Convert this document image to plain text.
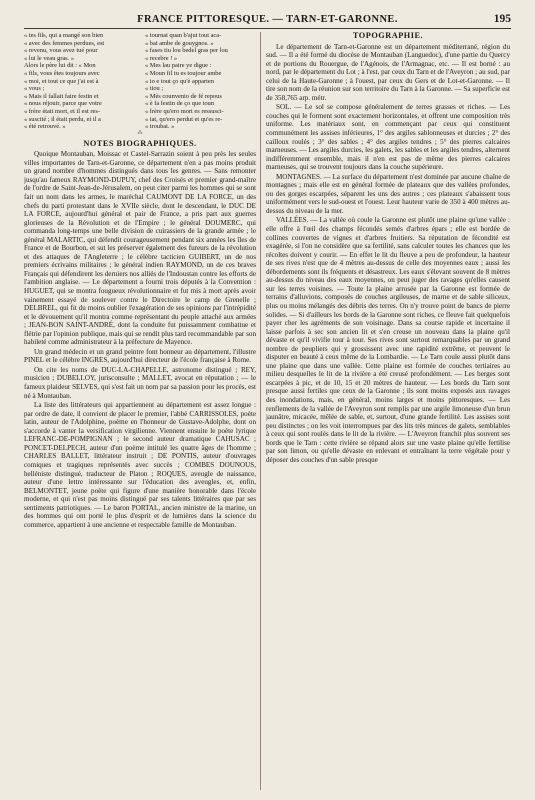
FRANCE PITTORESQUE. — TARN-ET-GARONNE.	195
« tes fils, qui a mangé son bien
« avec des femmes perdues, est
« revenu, vous avez tué pour
« lui le veau gras. »
Alors le père lui dit : « Mon
« fils, vous êtes toujours avec
« moi, et tout ce que j'ai est à
« vous ;
« Mais il fallait faire festin et
« nous réjouir, parce que votre
« frère était mort, et il est res-
« suscité ; il était perdu, et il a
« été retrouvé. »
« tournat quan b'ajut tout aca-
« bat ambe de gouygnos. »
« fases tiu lou bedel gras per lou
« recebre ! »
« Mes lau paire ye digue :
« Moun fil tu es toujour ambe
« io e tout ço qu'è apparten
« tiou ;
« Mès counvenio de fé repous
« è fa festin de ço que toun
« frère qu'ero mort es ressusci-
« tat, qu'ero perdut et qu'es re-
« troubat. »
⁂
NOTES BIOGRAPHIQUES.

Quoique Montauban, Moissac et Castel-Sarrazin soient à peu près les seules villes importantes de Tarn-et-Garonne, ce département n'en a pas moins produit un grand nombre d'hommes distingués dans tous les genres. — Sans remonter jusqu'au fameux RAYMOND-DUPUY, chef des Croisés et premier grand-maître de l'ordre de Saint-Jean-de-Jérusalem, on peut citer parmi les hommes qui se sont fait un nom dans les armes, le maréchal CAUMONT DE LA FORCE, un des chefs du parti protestant dans le XVIIe siècle, dont le descendant, le DUC DE LA FORCE, aujourd'hui général et pair de France, a pris part aux guerres glorieuses de la Révolution et de l'Empire ; le général DOUMERC, qui commanda long-temps une belle division de cuirassiers de la grande armée ; le général MALARTIC, qui défendit courageusement pendant six années les îles de France et de Bourbon, et sut les préserver également des fureurs de la révolution et des attaques de l'Angleterre ; le célèbre tacticien GUIBERT, un de nos premiers écrivains militaires ; le général indien RAYMOND, un de ces braves Français qui défendirent les derniers nos alliés de l'Indoustan contre les efforts de l'ambition anglaise. — Le département a fourni trois députés à la Convention : HUGUET, qui se montra fougueux révolutionnaire et fut mis à mort après avoir vainement essayé de soulever contre le Directoire le camp de Grenelle ; DELBREL, qui fit du moins oublier l'exagération de ses opinions par l'intrépidité et le dévouement qu'il montra comme représentant du peuple attaché aux armées ; JEAN-BON SAINT-ANDRÉ, dont la conduite fut puissamment combattue et flétrie par l'opinion publique, mais qui se rendit plus tard recommandable par son habileté comme administrateur à la préfecture de Mayence.

Un grand médecin et un grand peintre font honneur au département, l'illustre PINEL et le célèbre INGRES, aujourd'hui directeur de l'école française à Rome.

On cite les noms de DUC-LA-CHAPELLE, astronome distingué ; REY, musicien ; DUBELLOY, jurisconsulte ; MALLET, avocat en réputation ; — le fameux plaideur SELVES, qui s'est fait un nom par sa passion pour les procès, est né à Montauban.

La liste des littérateurs qui appartiennent au département est assez longue : par ordre de date, il convient de placer le premier, l'abbé CARRISSOLES, poète latin, auteur de l'Adolphine, poème en l'honneur de Gustave-Adolphe, dont on s'accorde à vanter la versification virgilienne. Viennent ensuite le poète lyrique LEFRANC-DE-POMPIGNAN ; le second auteur dramatique CAHUSAC ; PONCET-DELPECH, auteur d'un poème intitulé les quatre âges de l'homme ; CHARLES BALLET, littérateur instruit ; DE PONTIS, auteur d'ouvrages comiques et tragiques représentés avec succès ; COMBES DOUNOUS, helléniste distingué, traducteur de Platon ; ROQUES, aveugle de naissance, auteur d'une lettre intéressante sur l'éducation des aveugles, et, enfin, BELMONTET, jeune poète qui figure d'une manière honorable dans l'école moderne, et qui n'est pas moins distingué par ses talents littéraires que par ses sentiments patriotiques. — Le baron PORTAL, ancien ministre de la marine, un des hommes qui ont porté le plus d'esprit et de lumières dans la science du commerce, appartient à une ancienne et respectable famille de Montauban.

TOPOGRAPHIE.

Le département de Tarn-et-Garonne est un département méditerrané, région du sud. — Il a été formé du diocèse de Montauban (Languedoc), d'une partie du Quercy et de portions du Rouergue, de l'Agénois, de l'Armagnac, etc. — Il est borné : au nord, par le département du Lot ; à l'est, par ceux du Tarn et de l'Aveyron ; au sud, par celui de la Haute-Garonne ; à l'ouest, par ceux du Gers et de Lot-et-Garonne. — Il tire son nom de la réunion sur son territoire du Tarn à la Garonne. — Sa superficie est de 358,765 arp. métr.

SOL. — Le sol se compose généralement de terres grasses et riches. — Les couches qui le forment sont exactement horizontales, et offrent une composition très uniforme. Les matériaux sont, en commençant par ceux qui constituent communément les assises inférieures, 1° des argiles sablonneuses et durcies ; 2° des cailloux roulés ; 3° des sables ; 4° des argiles tendres ; 5° des pierres calcaires marneuses. — Les argiles durcies, les galets, les sables et les argiles tendres, alternent indifféremment ensemble, mais il n'en est pas de même des pierres calcaires marneuses, qui se trouvent toujours dans la couche supérieure.

MONTAGNES. — La surface du département n'est dominée par aucune chaîne de montagnes ; mais elle est en général formée de plateaux que des vallées profondes, ou des gorges escarpées, séparent les uns des autres ; ces plateaux s'abaissent tous uniformément vers le sud-ouest et l'ouest. Leur hauteur varie de 350 à 400 mètres au-dessus du niveau de la mer.

VALLÉES. — La vallée où coule la Garonne est plutôt une plaine qu'une vallée : elle offre à l'œil des champs fécondés semés d'arbres épars ; elle est bordée de collines couvertes de vignes et d'arbres fruitiers. Sa réputation de fécondité est exagérée, si l'on ne considère que sa fertilité, sans calculer toutes les chances que les récoltes doivent y courir. — En effet le lit du fleuve a peu de profondeur, la hauteur de ses rives n'est que de 4 mètres au-dessus de celle des moyennes eaux ; aussi les débordements sont ils fréquents et désastreux. Les eaux s'élevant souvent de 8 mètres au-dessus du niveau des eaux moyennes, on peut juger des ravages qu'elles causent sur les terres voisines. — Toute la plaine arrosée par la Garonne est formée de terrains d'alluvions, composés de couches argileuses, de marne et de sable siliceux, plus ou moins mélangés des débris des terres. On n'y trouve point de bancs de pierre solides. — Si d'ailleurs les bords de la Garonne sont riches, ce fleuve fait quelquefois payer cher les agréments de son voisinage. Dans sa course rapide et incertaine il laisse parfois à sec son ancien lit et s'en creuse un nouveau dans la plaine qu'il dévaste et qu'il vivifie tour à tour. Ses rives sont surtout remarquables par un grand nombre de peupliers qui y grossissent avec une rapidité extrême, et peuvent le disputer en beauté à ceux même de la Lombardie. — Le Tarn coule aussi plutôt dans une plaine que dans une vallée. Cette plaine est formée de couches tertiaires au milieu desquelles le lit de la rivière a été creusé profondément. — Les berges sont escarpées à pic, et de 10, 15 et 20 mètres de hauteur. — Les bords du Tarn sont presque aussi fertiles que ceux de la Garonne ; ils sont moins exposés aux ravages des inondations, mais, en général, moins larges et moins pittoresques. — Les renflements de la vallée de l'Aveyron sont remplis par une argile limoneuse d'un brun jaunâtre, micacée, mêlée de sable, et, surtout, d'une grande fertilité. Les assises sont peu distinctes ; on les voit interrompues par des lits très minces de galets, semblables à ceux qui sont roulés dans le lit de la rivière. — L'Aveyron franchit plus souvent ses bords que le Tarn : cette rivière se répand alors sur une vaste plaine qu'elle fertilise par son limon, ou qu'elle dévaste en enlevant et entraînant la terre végétale pour y déposer des couches d'un sable presque
